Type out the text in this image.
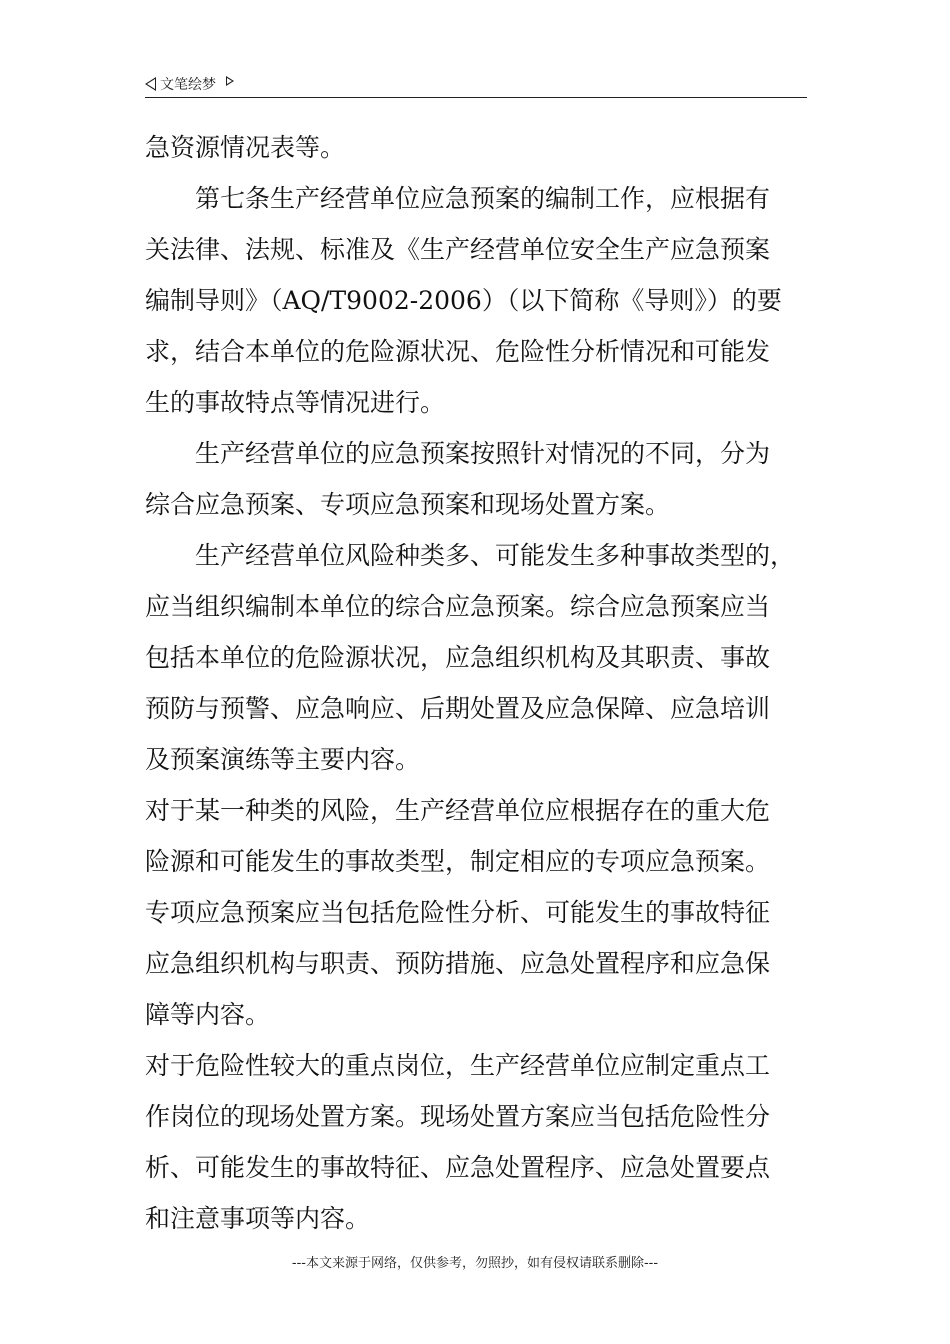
文笔绘梦
急资源情况表等。
第七条生产经营单位应急预案的编制工作，应根据有
关法律、法规、标准及《生产经营单位安全生产应急预案
编制导则》（AQ/T9002-2006）（以下简称《导则》）的要
求，结合本单位的危险源状况、危险性分析情况和可能发
生的事故特点等情况进行。
生产经营单位的应急预案按照针对情况的不同，分为
综合应急预案、专项应急预案和现场处置方案。
生产经营单位风险种类多、可能发生多种事故类型的，
应当组织编制本单位的综合应急预案。综合应急预案应当
包括本单位的危险源状况，应急组织机构及其职责、事故
预防与预警、应急响应、后期处置及应急保障、应急培训
及预案演练等主要内容。
对于某一种类的风险，生产经营单位应根据存在的重大危
险源和可能发生的事故类型，制定相应的专项应急预案。
专项应急预案应当包括危险性分析、可能发生的事故特征
应急组织机构与职责、预防措施、应急处置程序和应急保
障等内容。
对于危险性较大的重点岗位，生产经营单位应制定重点工
作岗位的现场处置方案。现场处置方案应当包括危险性分
析、可能发生的事故特征、应急处置程序、应急处置要点
和注意事项等内容。
---本文来源于网络，仅供参考，勿照抄，如有侵权请联系删除---
